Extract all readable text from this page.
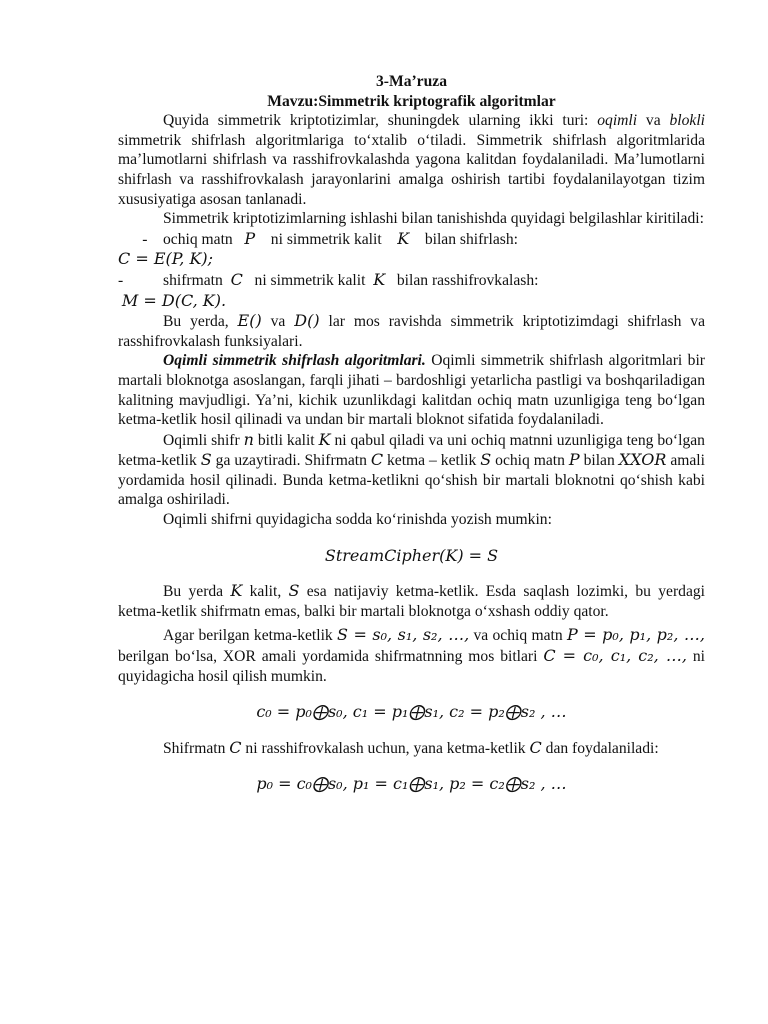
3-Ma’ruza
Mavzu:Simmetrik kriptografik algoritmlar

Quyida simmetrik kriptotizimlar, shuningdek ularning ikki turi: oqimli va blokli simmetrik shifrlash algoritmlariga to‘xtalib o‘tiladi. Simmetrik shifrlash algoritmlarida ma’lumotlarni shifrlash va rasshifrovkalashda yagona kalitdan foydalaniladi. Ma’lumotlarni shifrlash va rasshifrovkalash jarayonlarini amalga oshirish tartibi foydalanilayotgan tizim xususiyatiga asosan tanlanadi.

Simmetrik kriptotizimlarning ishlashi bilan tanishishda quyidagi belgilashlar kiritiladi:

- ochiq matn   P    ni simmetrik kalit    K    bilan shifrlash:
C = E(P, K);

-	shifrmatn  C   ni simmetrik kalit  K   bilan rasshifrovkalash:
M = D(C, K).

Bu yerda, E() va D() lar mos ravishda simmetrik kriptotizimdagi shifrlash va rasshifrovkalash funksiyalari.

Oqimli simmetrik shifrlash algoritmlari. Oqimli simmetrik shifrlash algoritmlari bir martali bloknotga asoslangan, farqli jihati – bardoshligi yetarlicha pastligi va boshqariladigan kalitning mavjudligi. Ya’ni, kichik uzunlikdagi kalitdan ochiq matn uzunligiga teng bo‘lgan ketma-ketlik hosil qilinadi va undan bir martali bloknot sifatida foydalaniladi.

Oqimli shifr n bitli kalit K ni qabul qiladi va uni ochiq matnni uzunligiga teng bo‘lgan ketma-ketlik S ga uzaytiradi. Shifrmatn C ketma – ketlik S ochiq matn P bilan XXOR amali yordamida hosil qilinadi. Bunda ketma-ketlikni qo‘shish bir martali bloknotni qo‘shish kabi amalga oshiriladi.

Oqimli shifrni quyidagicha sodda ko‘rinishda yozish mumkin:

StreamCipher(K) = S

Bu yerda K kalit, S esa natijaviy ketma-ketlik. Esda saqlash lozimki, bu yerdagi ketma-ketlik shifrmatn emas, balki bir martali bloknotga o‘xshash oddiy qator.

Agar berilgan ketma-ketlik S = s₀, s₁, s₂, …, va ochiq matn P = p₀, p₁, p₂, …, berilgan bo‘lsa, XOR amali yordamida shifrmatnning mos bitlari C = c₀, c₁, c₂, …, ni quyidagicha hosil qilish mumkin.

c₀ = p₀⨁s₀, c₁ = p₁⨁s₁, c₂ = p₂⨁s₂ , …

Shifrmatn C ni rasshifrovkalash uchun, yana ketma-ketlik C dan foydalaniladi:

p₀ = c₀⨁s₀, p₁ = c₁⨁s₁, p₂ = c₂⨁s₂ , …
